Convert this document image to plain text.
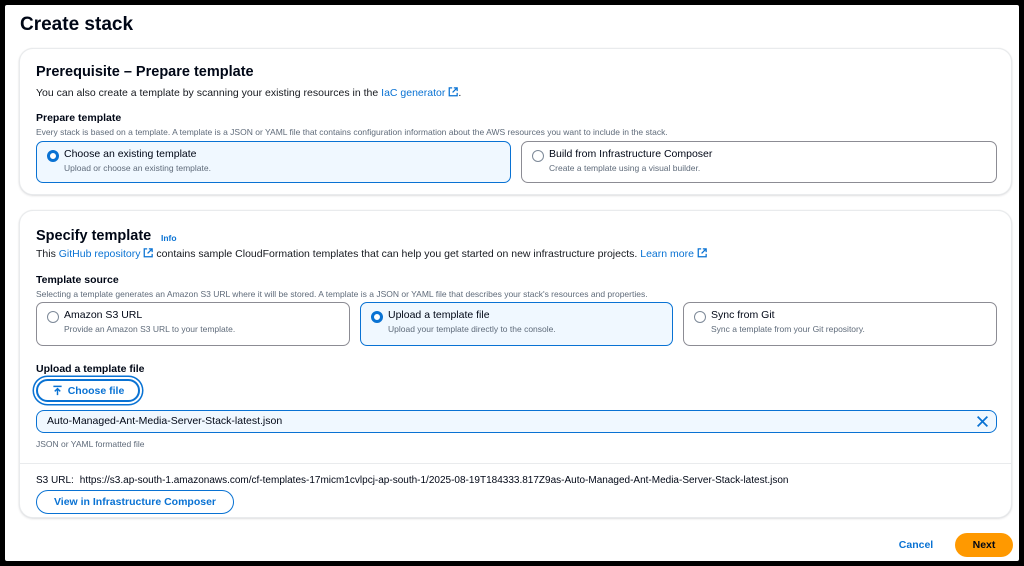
Create stack
Prerequisite – Prepare template
You can also create a template by scanning your existing resources in the IaC generator .
Prepare template
Every stack is based on a template. A template is a JSON or YAML file that contains configuration information about the AWS resources you want to include in the stack.
Choose an existing template
Upload or choose an existing template.
Build from Infrastructure Composer
Create a template using a visual builder.
Specify template Info
This GitHub repository contains sample CloudFormation templates that can help you get started on new infrastructure projects. Learn more
Template source
Selecting a template generates an Amazon S3 URL where it will be stored. A template is a JSON or YAML file that describes your stack's resources and properties.
Amazon S3 URL
Provide an Amazon S3 URL to your template.
Upload a template file
Upload your template directly to the console.
Sync from Git
Sync a template from your Git repository.
Upload a template file
Choose file
Auto-Managed-Ant-Media-Server-Stack-latest.json
JSON or YAML formatted file
S3 URL: https://s3.ap-south-1.amazonaws.com/cf-templates-17micm1cvlpcj-ap-south-1/2025-08-19T184333.817Z9as-Auto-Managed-Ant-Media-Server-Stack-latest.json
View in Infrastructure Composer
Cancel	Next
